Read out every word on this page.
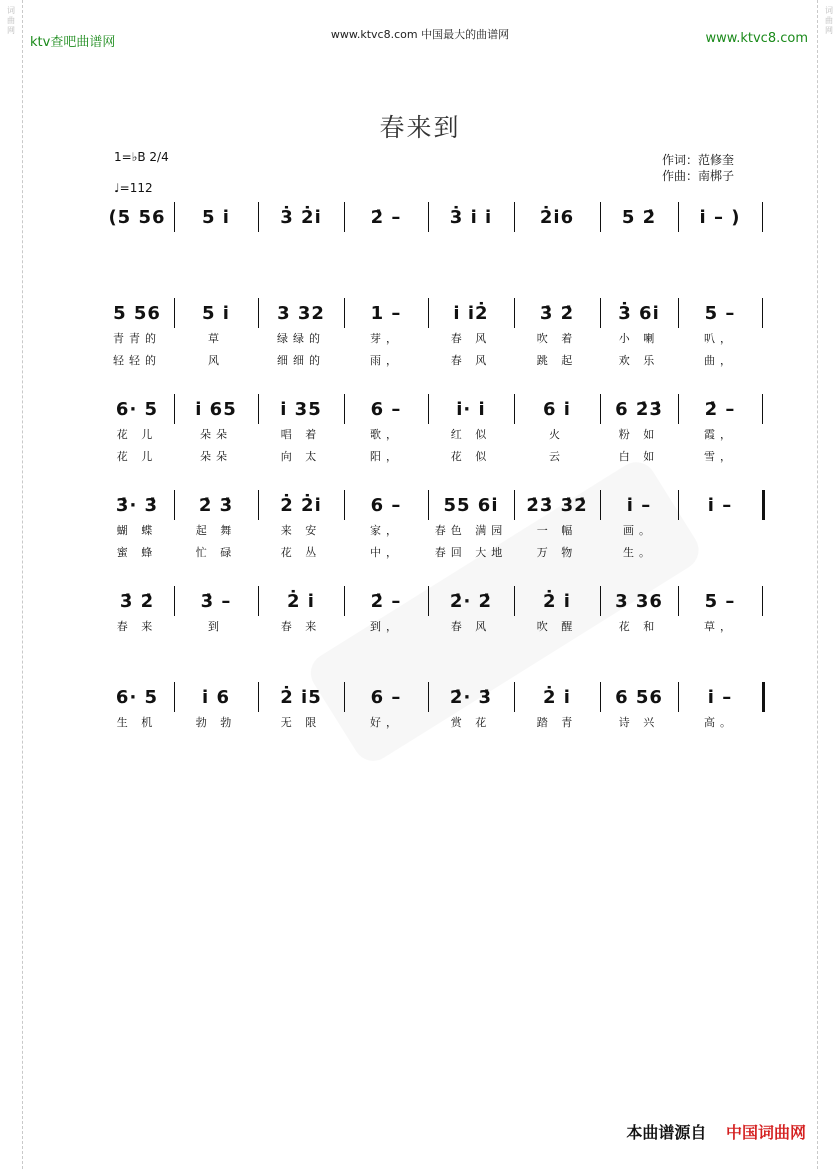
词
曲
网
词
曲
网
ktv查吧曲谱网
www.ktvc8.com 中国最大的曲谱网	www.ktvc8.com
春来到
1=♭B 2/4
♩=112
作词：范修奎
作曲：南梆子
(5 56	5 i	3̇ 2̇i	2̇ –	3̇ i i	2̇i6	5 2̇	i – )
5 56	5 i	3 32	1 –	i i2̇	3̇ 2̇	3̇ 6i	5 –
青青的	草	绿绿的	芽，	春 风	吹 着	小 喇	叭，
轻轻的	风	细细的	雨，	春 风	跳 起	欢 乐	曲，
6· 5	i 65	i 35	6 –	i· i	6 i	6 2̇3̇	2̇ –
花 儿	朵朵	唱 着	歌，	红 似	火	粉 如	霞，
花 儿	朵朵	向 太	阳，	花 似	云	白 如	雪，
3̇· 3̇	2̇ 3̇	2̇ 2̇i	6 –	55 6i	2̇3̇ 3̇2̇	i –	i –
蝴 蝶	起 舞	来 安	家，	春色 满园	一 幅	画。
蜜 蜂	忙 碌	花 丛	中，	春回 大地	万 物	生。
3̇ 2̇	3̇ –	2̇ i	2̇ –	2̇· 2̇	2̇ i	3 36	5 –
春 来	到	春 来	到，	春 风	吹 醒	花 和	草，
6· 5	i 6	2̇ i5	6 –	2̇· 3̇	2̇ i	6 56	i –
生 机	勃 勃	无 限	好，	赏 花	踏 青	诗 兴	高。
本曲谱源自 中国词曲网
